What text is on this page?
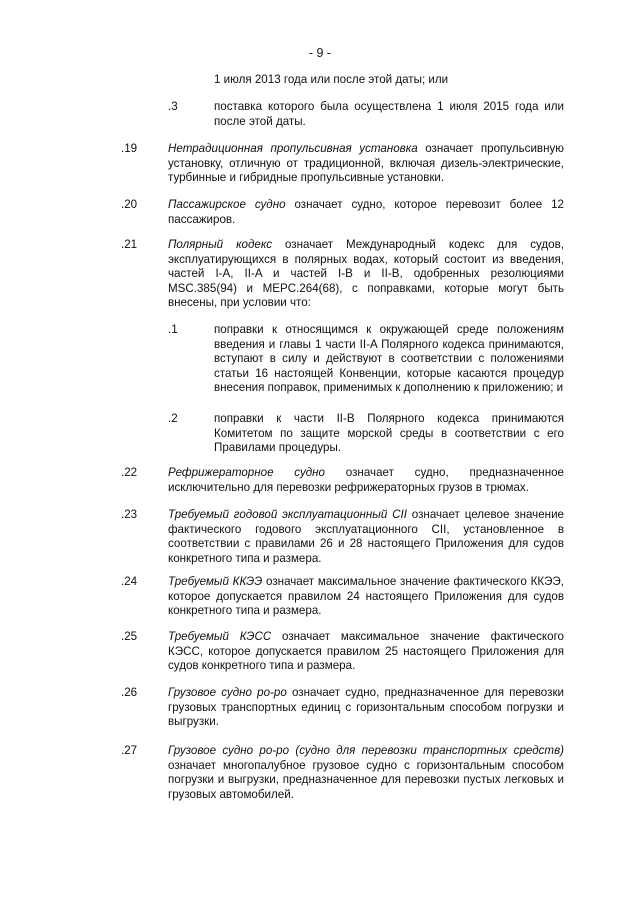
- 9 -
1 июля 2013 года или после этой даты; или
.3	поставка которого была осуществлена 1 июля 2015 года или после этой даты.
.19	Нетрадиционная пропульсивная установка означает пропульсивную установку, отличную от традиционной, включая дизель-электрические, турбинные и гибридные пропульсивные установки.
.20	Пассажирское судно означает судно, которое перевозит более 12 пассажиров.
.21	Полярный кодекс означает Международный кодекс для судов, эксплуатирующихся в полярных водах, который состоит из введения, частей I-A, II-A и частей I-B и II-B, одобренных резолюциями MSC.385(94) и MEPC.264(68), с поправками, которые могут быть внесены, при условии что:
.1	поправки к относящимся к окружающей среде положениям введения и главы 1 части II-A Полярного кодекса принимаются, вступают в силу и действуют в соответствии с положениями статьи 16 настоящей Конвенции, которые касаются процедур внесения поправок, применимых к дополнению к приложению; и
.2	поправки к части II-B Полярного кодекса принимаются Комитетом по защите морской среды в соответствии с его Правилами процедуры.
.22	Рефрижераторное судно означает судно, предназначенное исключительно для перевозки рефрижераторных грузов в трюмах.
.23	Требуемый годовой эксплуатационный CII означает целевое значение фактического годового эксплуатационного CII, установленное в соответствии с правилами 26 и 28 настоящего Приложения для судов конкретного типа и размера.
.24	Требуемый ККЭЭ означает максимальное значение фактического ККЭЭ, которое допускается правилом 24 настоящего Приложения для судов конкретного типа и размера.
.25	Требуемый КЭСС означает максимальное значение фактического КЭСС, которое допускается правилом 25 настоящего Приложения для судов конкретного типа и размера.
.26	Грузовое судно ро-ро означает судно, предназначенное для перевозки грузовых транспортных единиц с горизонтальным способом погрузки и выгрузки.
.27	Грузовое судно ро-ро (судно для перевозки транспортных средств) означает многопалубное грузовое судно с горизонтальным способом погрузки и выгрузки, предназначенное для перевозки пустых легковых и грузовых автомобилей.
